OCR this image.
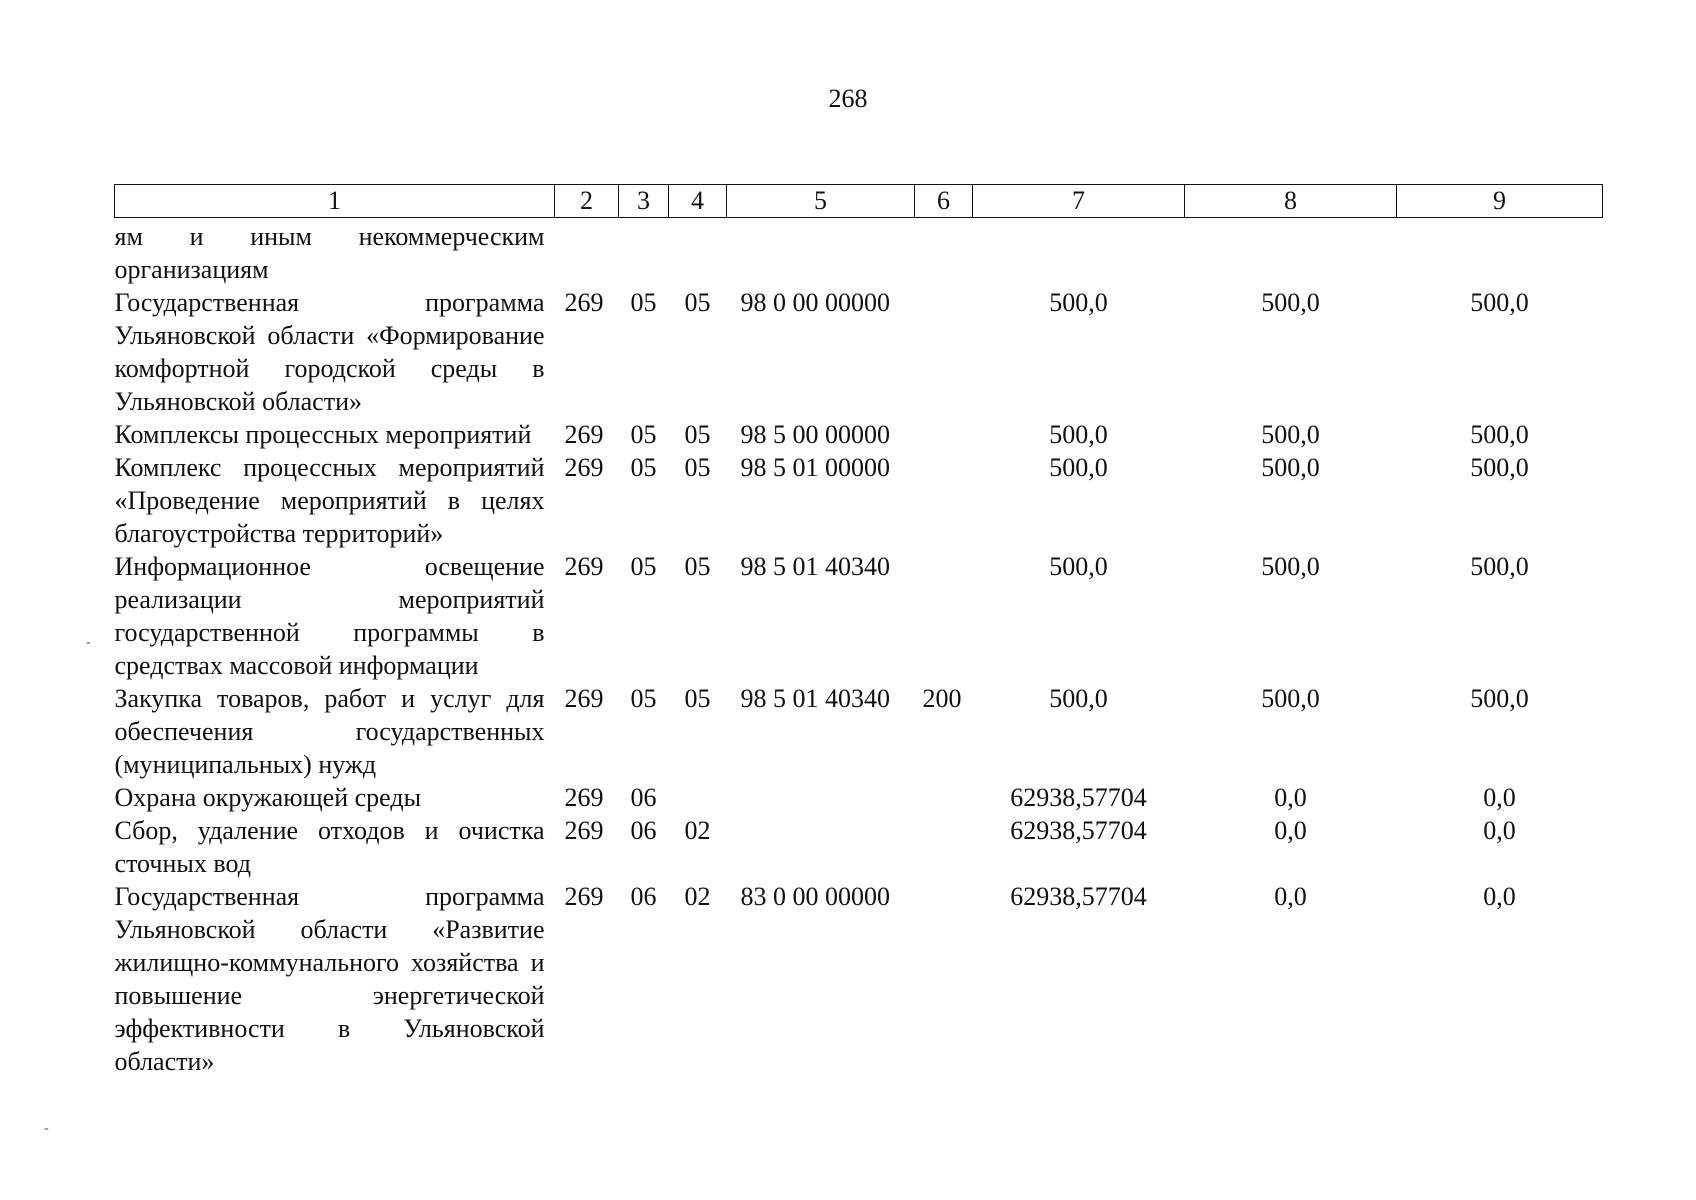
268
1	2	3	4	5	6	7	8	9
ям и иным некоммерческим организациям								
Государственная программа Ульяновской области «Формирование комфортной городской среды в Ульяновской области»	269	05	05	98 0 00 00000		500,0	500,0	500,0
Комплексы процессных мероприятий	269	05	05	98 5 00 00000		500,0	500,0	500,0
Комплекс процессных мероприятий «Проведение мероприятий в целях благоустройства территорий»	269	05	05	98 5 01 00000		500,0	500,0	500,0
Информационное освещение реализации мероприятий государственной программы в средствах массовой информации	269	05	05	98 5 01 40340		500,0	500,0	500,0
Закупка товаров, работ и услуг для обеспечения государственных (муниципальных) нужд	269	05	05	98 5 01 40340	200	500,0	500,0	500,0
Охрана окружающей среды	269	06				62938,57704	0,0	0,0
Сбор, удаление отходов и очистка сточных вод	269	06	02			62938,57704	0,0	0,0
Государственная программа Ульяновской области «Развитие жилищно-коммунального хозяйства и повышение энергетической эффективности в Ульяновской области»	269	06	02	83 0 00 00000		62938,57704	0,0	0,0
-
-
